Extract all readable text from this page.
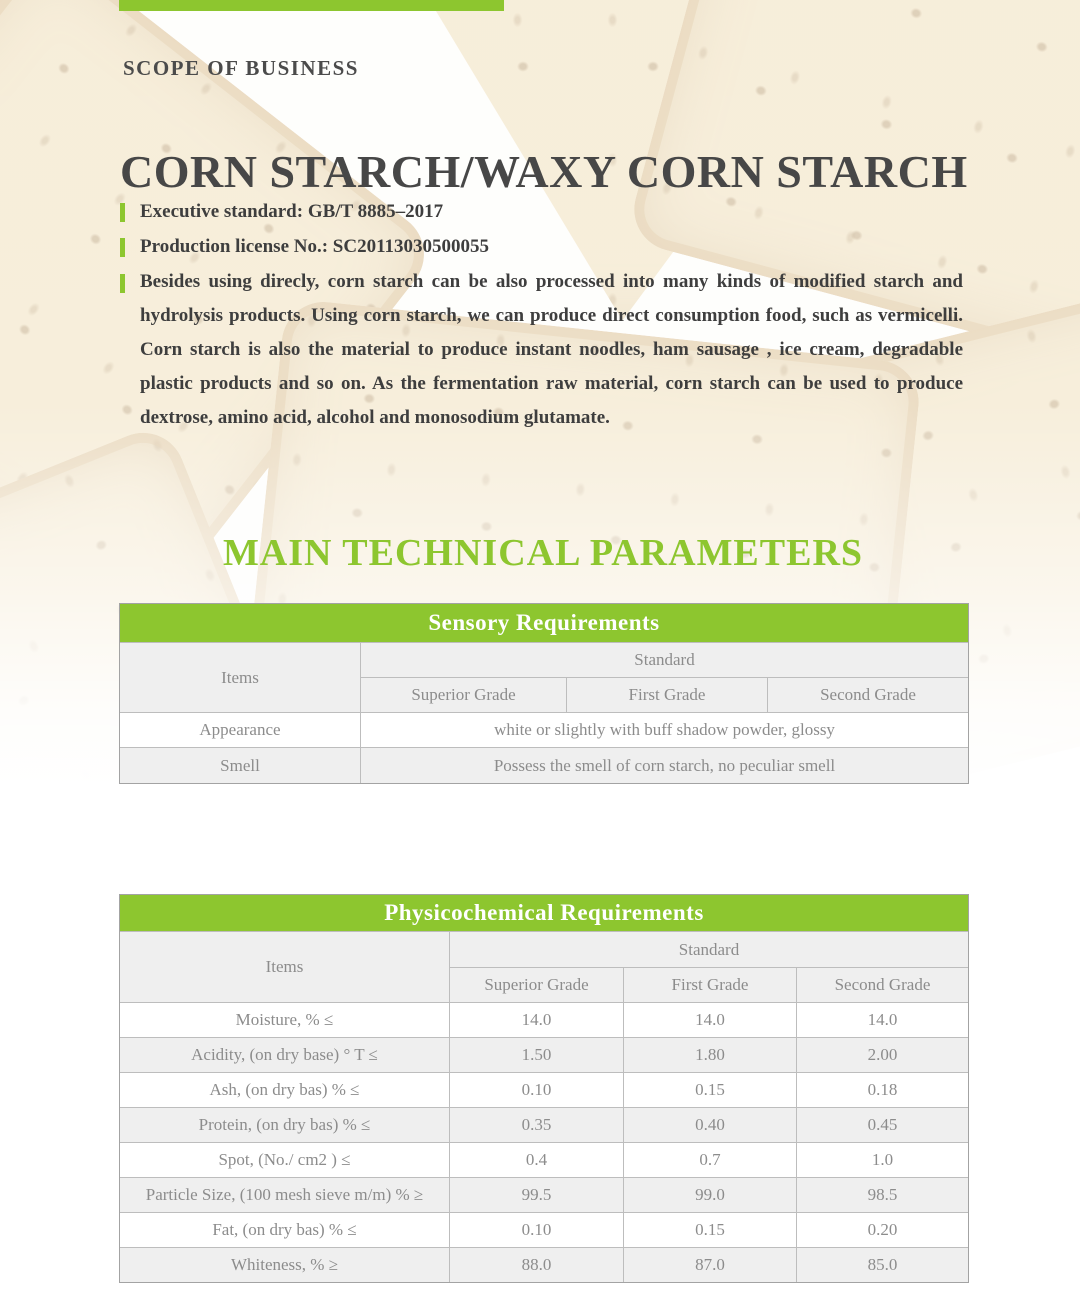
SCOPE OF BUSINESS
CORN STARCH/WAXY CORN STARCH
Executive standard: GB/T 8885–2017
Production license No.: SC20113030500055
Besides using direcly, corn starch can be also processed into many kinds of modified starch and hydrolysis products. Using corn starch, we can produce direct consumption food, such as vermicelli. Corn starch is also the material to produce instant noodles, ham sausage , ice cream, degradable plastic products and so on. As the fermentation raw material, corn starch can be used to produce dextrose, amino acid, alcohol and monosodium glutamate.
MAIN TECHNICAL PARAMETERS
Sensory Requirements
Items
Standard
Superior Grade	First Grade	Second Grade
Appearance	white or slightly with buff shadow powder, glossy
Smell	Possess the smell of corn starch, no peculiar smell
Physicochemical Requirements
Items
Standard
Superior Grade	First Grade	Second Grade
Moisture, % ≤	14.0	14.0	14.0
Acidity, (on dry base) ° T ≤	1.50	1.80	2.00
Ash, (on dry bas) % ≤	0.10	0.15	0.18
Protein, (on dry bas) % ≤	0.35	0.40	0.45
Spot, (No./ cm2 ) ≤	0.4	0.7	1.0
Particle Size, (100 mesh sieve m/m) % ≥	99.5	99.0	98.5
Fat, (on dry bas) % ≤	0.10	0.15	0.20
Whiteness, % ≥	88.0	87.0	85.0
